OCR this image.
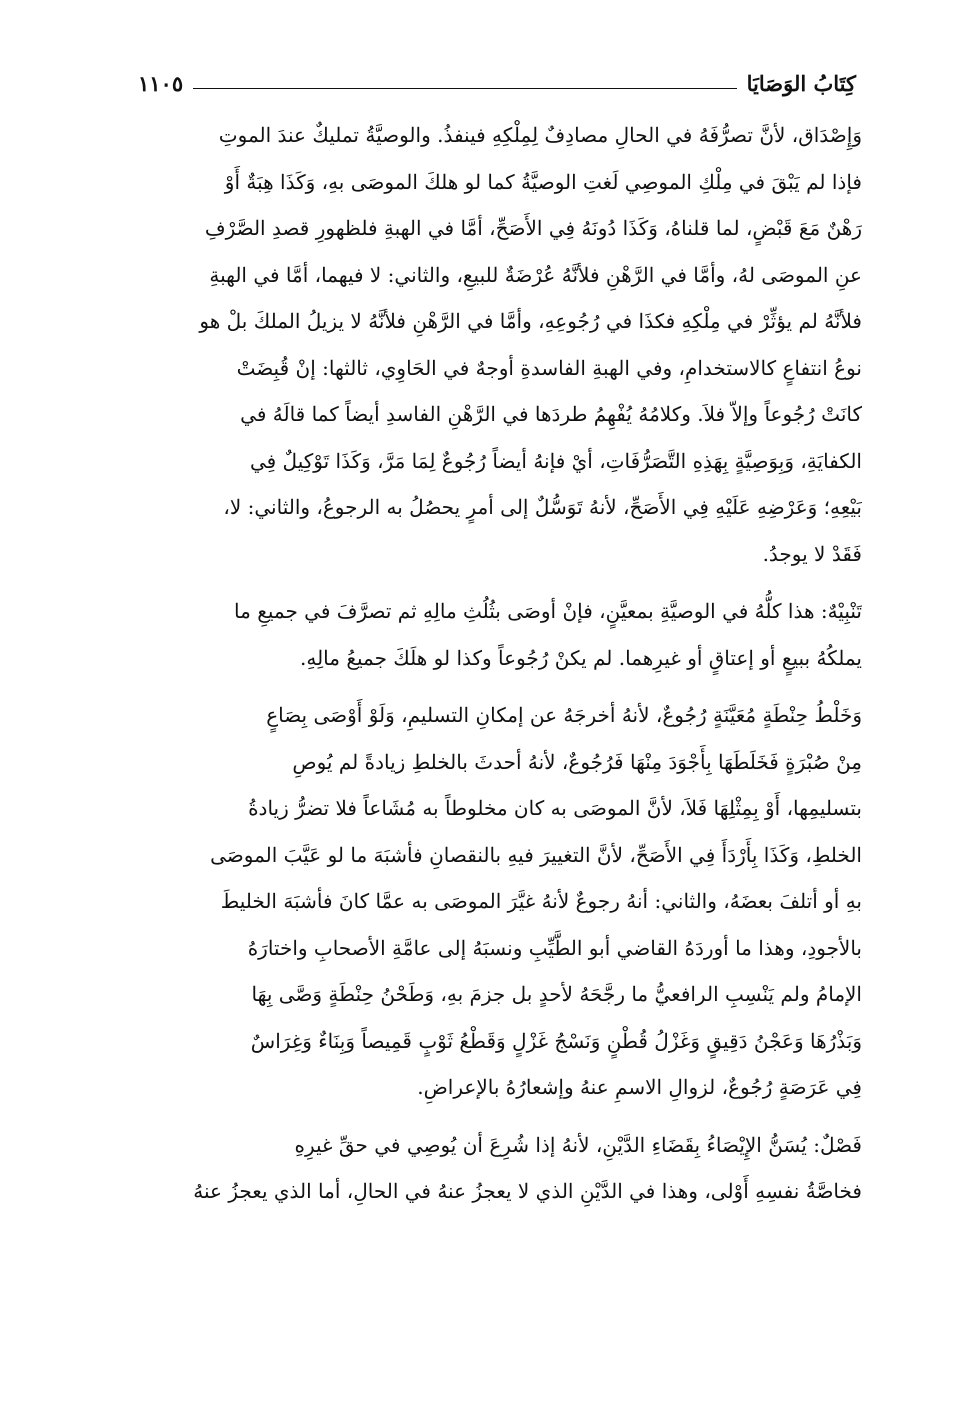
كِتَابُ الوَصَايَا
١١٠٥
وَإِصْدَاق، لأنَّ تصرُّفَهُ في الحالِ مصادِفٌ لِمِلْكِهِ فينفذُ. والوصيَّةُ تمليكٌ عندَ الموتِ
فإذا لم يَبْقَ في مِلْكِ الموصِي لَغتِ الوصيَّةُ كما لو هلكَ الموصَى بهِ، وَكَذَا هِبَةٌ أَوْ
رَهْنٌ مَعَ قَبْضٍ، لما قلناهُ، وَكَذَا دُونَهُ فِي الأَصَحِّ، أمَّا في الهبةِ فلظهورِ قصدِ الصَّرْفِ
عنِ الموصَى لهُ، وأمَّا في الرَّهْنِ فلأنَّهُ عُرْضَةٌ للبيعِ، والثاني: لا فيهما، أمَّا في الهبةِ
فلأنَّهُ لم يؤثِّرْ في مِلْكِهِ فكذَا في رُجُوعِهِ، وأمَّا في الرَّهْنِ فلأنَّهُ لا يزيلُ الملكَ بلْ هو
نوعُ انتفاعٍ كالاستخدامِ، وفي الهبةِ الفاسدةِ أوجهٌ في الحَاوِي، ثالثها: إنْ قُبِضَتْ
كانَتْ رُجُوعاً وإلاّ فلاَ. وكلامُهُ يُفْهِمُ طردَها في الرَّهْنِ الفاسدِ أيضاً كما قالَهُ في
الكفايَةِ، وَبِوَصِيَّةٍ بِهَذِهِ التَّصَرُّفَاتِ، أيْ فإنهُ أيضاً رُجُوعٌ لِمَا مَرَّ، وَكَذَا تَوْكِيلٌ فِي
بَيْعِهِ؛ وَعَرْضِهِ عَلَيْهِ فِي الأَصَحِّ، لأنهُ تَوَسُّلٌ إلى أمرٍ يحصُلُ به الرجوعُ، والثاني: لا،
فَقَدْ لا يوجدُ.
تَنْبِيْهٌ: هذا كلُّهُ في الوصيَّةِ بمعيَّنٍ، فإنْ أوصَى بثُلُثِ مالِهِ ثم تصرَّفَ في جميعِ ما
يملكُهُ ببيعٍ أو إعتاقٍ أو غيرِهما. لم يكنْ رُجُوعاً وكذا لو هلَكَ جميعُ مالِهِ.
وَخَلْطُ حِنْطَةٍ مُعَيَّنَةٍ رُجُوعٌ، لأنهُ أخرجَهُ عن إمكانِ التسليمِ، وَلَوْ أَوْصَى بِصَاعٍ
مِنْ صُبْرَةٍ فَخَلَطَهَا بِأَجْوَدَ مِنْهَا فَرُجُوعٌ، لأنهُ أحدثَ بالخلطِ زيادةً لم يُوصِ
بتسليمِها، أَوْ بِمِثْلِهَا فَلاَ، لأنَّ الموصَى به كان مخلوطاً به مُشَاعاً فلا تضرُّ زيادةُ
الخلطِ، وَكَذَا بِأَرْدَأَ فِي الأَصَحِّ، لأنَّ التغييرَ فيهِ بالنقصانِ فأشبَهَ ما لو عَيَّبَ الموصَى
بهِ أو أتلفَ بعضَهُ، والثاني: أنهُ رجوعٌ لأنهُ غيَّرَ الموصَى به عمَّا كانَ فأشبَهَ الخليطَ
بالأجودِ، وهذا ما أوردَهُ القاضي أبو الطَّيِّبِ ونسبَهُ إلى عامَّةِ الأصحابِ واختارَهُ
الإمامُ ولم يَنْسِبِ الرافعيُّ ما رجَّحَهُ لأحدٍ بل جزمَ بهِ، وَطَحْنُ حِنْطَةٍ وَصَّى بِهَا
وَبَذْرُهَا وَعَجْنُ دَقِيقٍ وَغَزْلُ قُطْنٍ وَنَسْجُ غَزْلٍ وَقَطْعُ ثَوْبٍ قَمِيصاً وَبِنَاءٌ وَغِرَاسٌ
فِي عَرَصَةٍ رُجُوعٌ، لزوالِ الاسمِ عنهُ وإشعارُهُ بالإعراضِ.
فَصْلٌ: يُسَنُّ الإِيْصَاءُ بِقَضَاءِ الدَّيْنِ، لأنهُ إذا شُرِعَ أن يُوصِي في حقِّ غيرِهِ
فخاصَّةُ نفسِهِ أَوْلى، وهذا في الدَّيْنِ الذي لا يعجزُ عنهُ في الحالِ، أما الذي يعجزُ عنهُ
